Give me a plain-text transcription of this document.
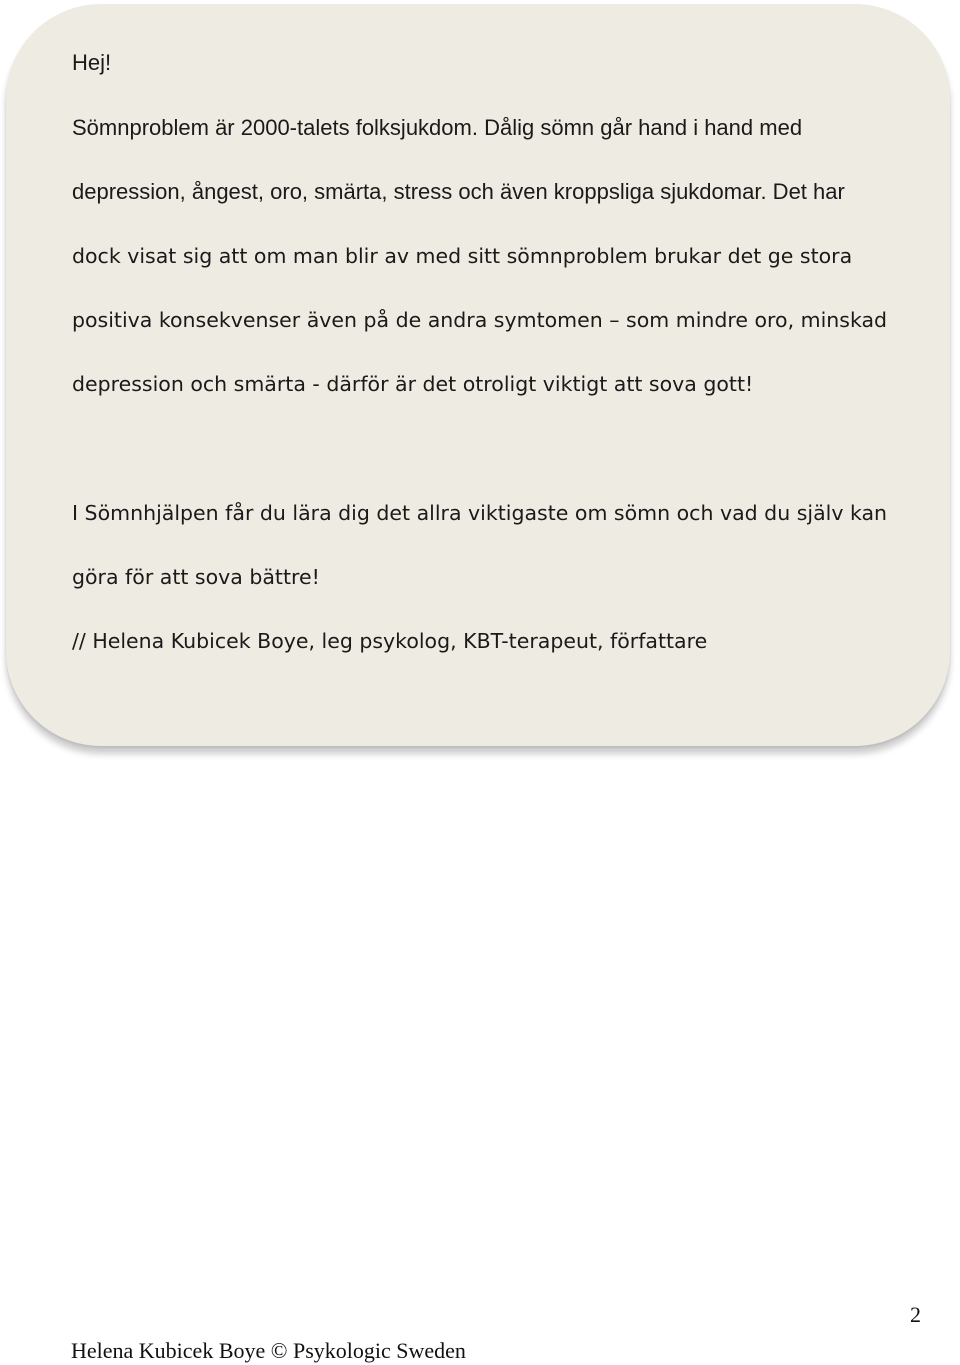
Hej!
Sömnproblem är 2000-talets folksjukdom. Dålig sömn går hand i hand med
depression, ångest, oro, smärta, stress och även kroppsliga sjukdomar. Det har
dock visat sig att om man blir av med sitt sömnproblem brukar det ge stora
positiva konsekvenser även på de andra symtomen – som mindre oro, minskad
depression och smärta - därför är det otroligt viktigt att sova gott!
I Sömnhjälpen får du lära dig det allra viktigaste om sömn och vad du själv kan
göra för att sova bättre!
// Helena Kubicek Boye, leg psykolog, KBT-terapeut, författare
2
Helena Kubicek Boye © Psykologic Sweden
